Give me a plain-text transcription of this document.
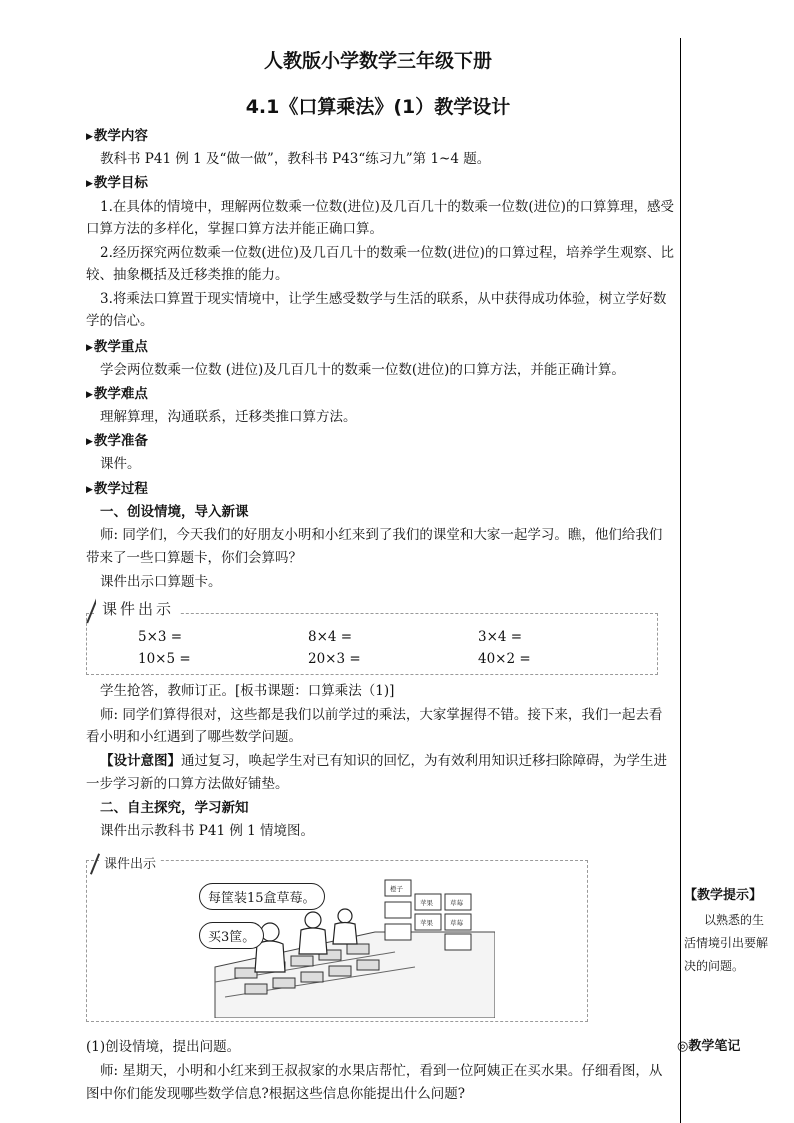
人教版小学数学三年级下册
4.1《口算乘法》(1）教学设计
▶教学内容
教科书 P41 例 1 及“做一做”，教科书 P43“练习九”第 1~4 题。
▶教学目标
1.在具体的情境中，理解两位数乘一位数(进位)及几百几十的数乘一位数(进位)的口算算理，感受
口算方法的多样化，掌握口算方法并能正确口算。
2.经历探究两位数乘一位数(进位)及几百几十的数乘一位数(进位)的口算过程，培养学生观察、比
较、抽象概括及迁移类推的能力。
3.将乘法口算置于现实情境中，让学生感受数学与生活的联系，从中获得成功体验，树立学好数
学的信心。
▶教学重点
学会两位数乘一位数 (进位)及几百几十的数乘一位数(进位)的口算方法，并能正确计算。
▶教学难点
理解算理，沟通联系，迁移类推口算方法。
▶教学准备
课件。
▶教学过程
一、创设情境，导入新课
师: 同学们，今天我们的好朋友小明和小红来到了我们的课堂和大家一起学习。瞧，他们给我们
带来了一些口算题卡，你们会算吗？
课件出示口算题卡。
课件出示
5×3 =	8×4 =	3×4 =
10×5 =	20×3 =	40×2 =
学生抢答，教师订正。[板书课题：口算乘法（1)]
师: 同学们算得很对，这些都是我们以前学过的乘法，大家掌握得不错。接下来，我们一起去看
看小明和小红遇到了哪些数学问题。
【设计意图】通过复习，唤起学生对已有知识的回忆，为有效利用知识迁移扫除障碍，为学生进
一步学习新的口算方法做好铺垫。
二、自主探究，学习新知
课件出示教科书 P41 例 1 情境图。
课件出示
橙子
苹果	草莓
苹果	草莓
每筐装15盒草莓。
买3筐。
(1)创设情境，提出问题。
师: 星期天，小明和小红来到王叔叔家的水果店帮忙，看到一位阿姨正在买水果。仔细看图，从
图中你们能发现哪些数学信息?根据这些信息你能提出什么问题?
【教学提示】
以熟悉的生
活情境引出要解
决的问题。
◎教学笔记
